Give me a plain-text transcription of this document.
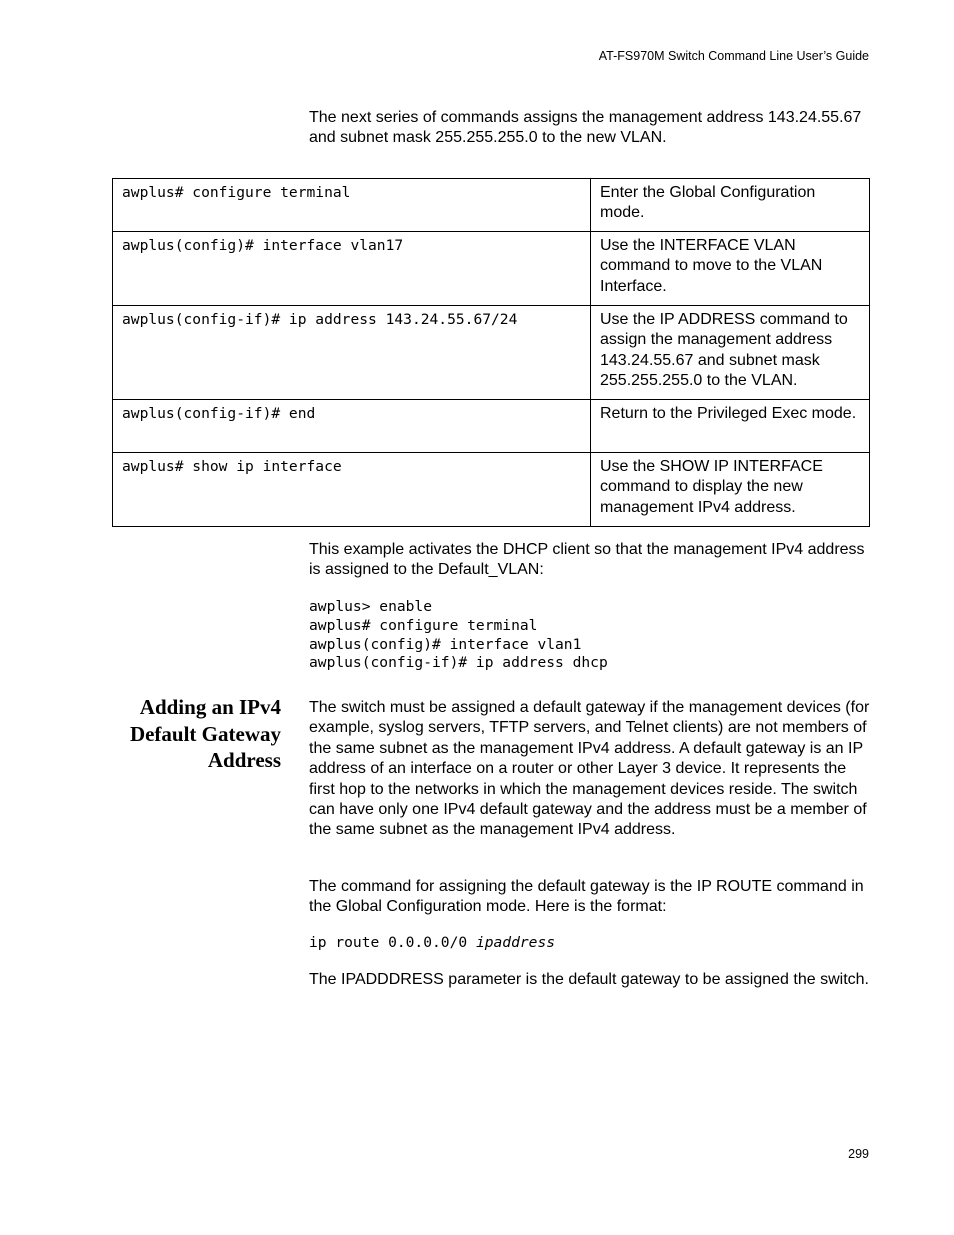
AT-FS970M Switch Command Line User’s Guide

The next series of commands assigns the management address 143.24.55.67 and subnet mask 255.255.255.0 to the new VLAN.

awplus# configure terminal	Enter the Global Configuration mode.
awplus(config)# interface vlan17	Use the INTERFACE VLAN command to move to the VLAN Interface.
awplus(config-if)# ip address 143.24.55.67/24	Use the IP ADDRESS command to assign the management address 143.24.55.67 and subnet mask 255.255.255.0 to the VLAN.
awplus(config-if)# end	Return to the Privileged Exec mode.
awplus# show ip interface	Use the SHOW IP INTERFACE command to display the new management IPv4 address.

This example activates the DHCP client so that the management IPv4 address is assigned to the Default_VLAN:

awplus> enable
awplus# configure terminal
awplus(config)# interface vlan1
awplus(config-if)# ip address dhcp
Adding an IPv4
Default Gateway
Address

The switch must be assigned a default gateway if the management devices (for example, syslog servers, TFTP servers, and Telnet clients) are not members of the same subnet as the management IPv4 address. A default gateway is an IP address of an interface on a router or other Layer 3 device. It represents the first hop to the networks in which the management devices reside. The switch can have only one IPv4 default gateway and the address must be a member of the same subnet as the management IPv4 address.

The command for assigning the default gateway is the IP ROUTE command in the Global Configuration mode. Here is the format:

ip route 0.0.0.0/0 ipaddress

The IPADDDRESS parameter is the default gateway to be assigned the switch.

299
